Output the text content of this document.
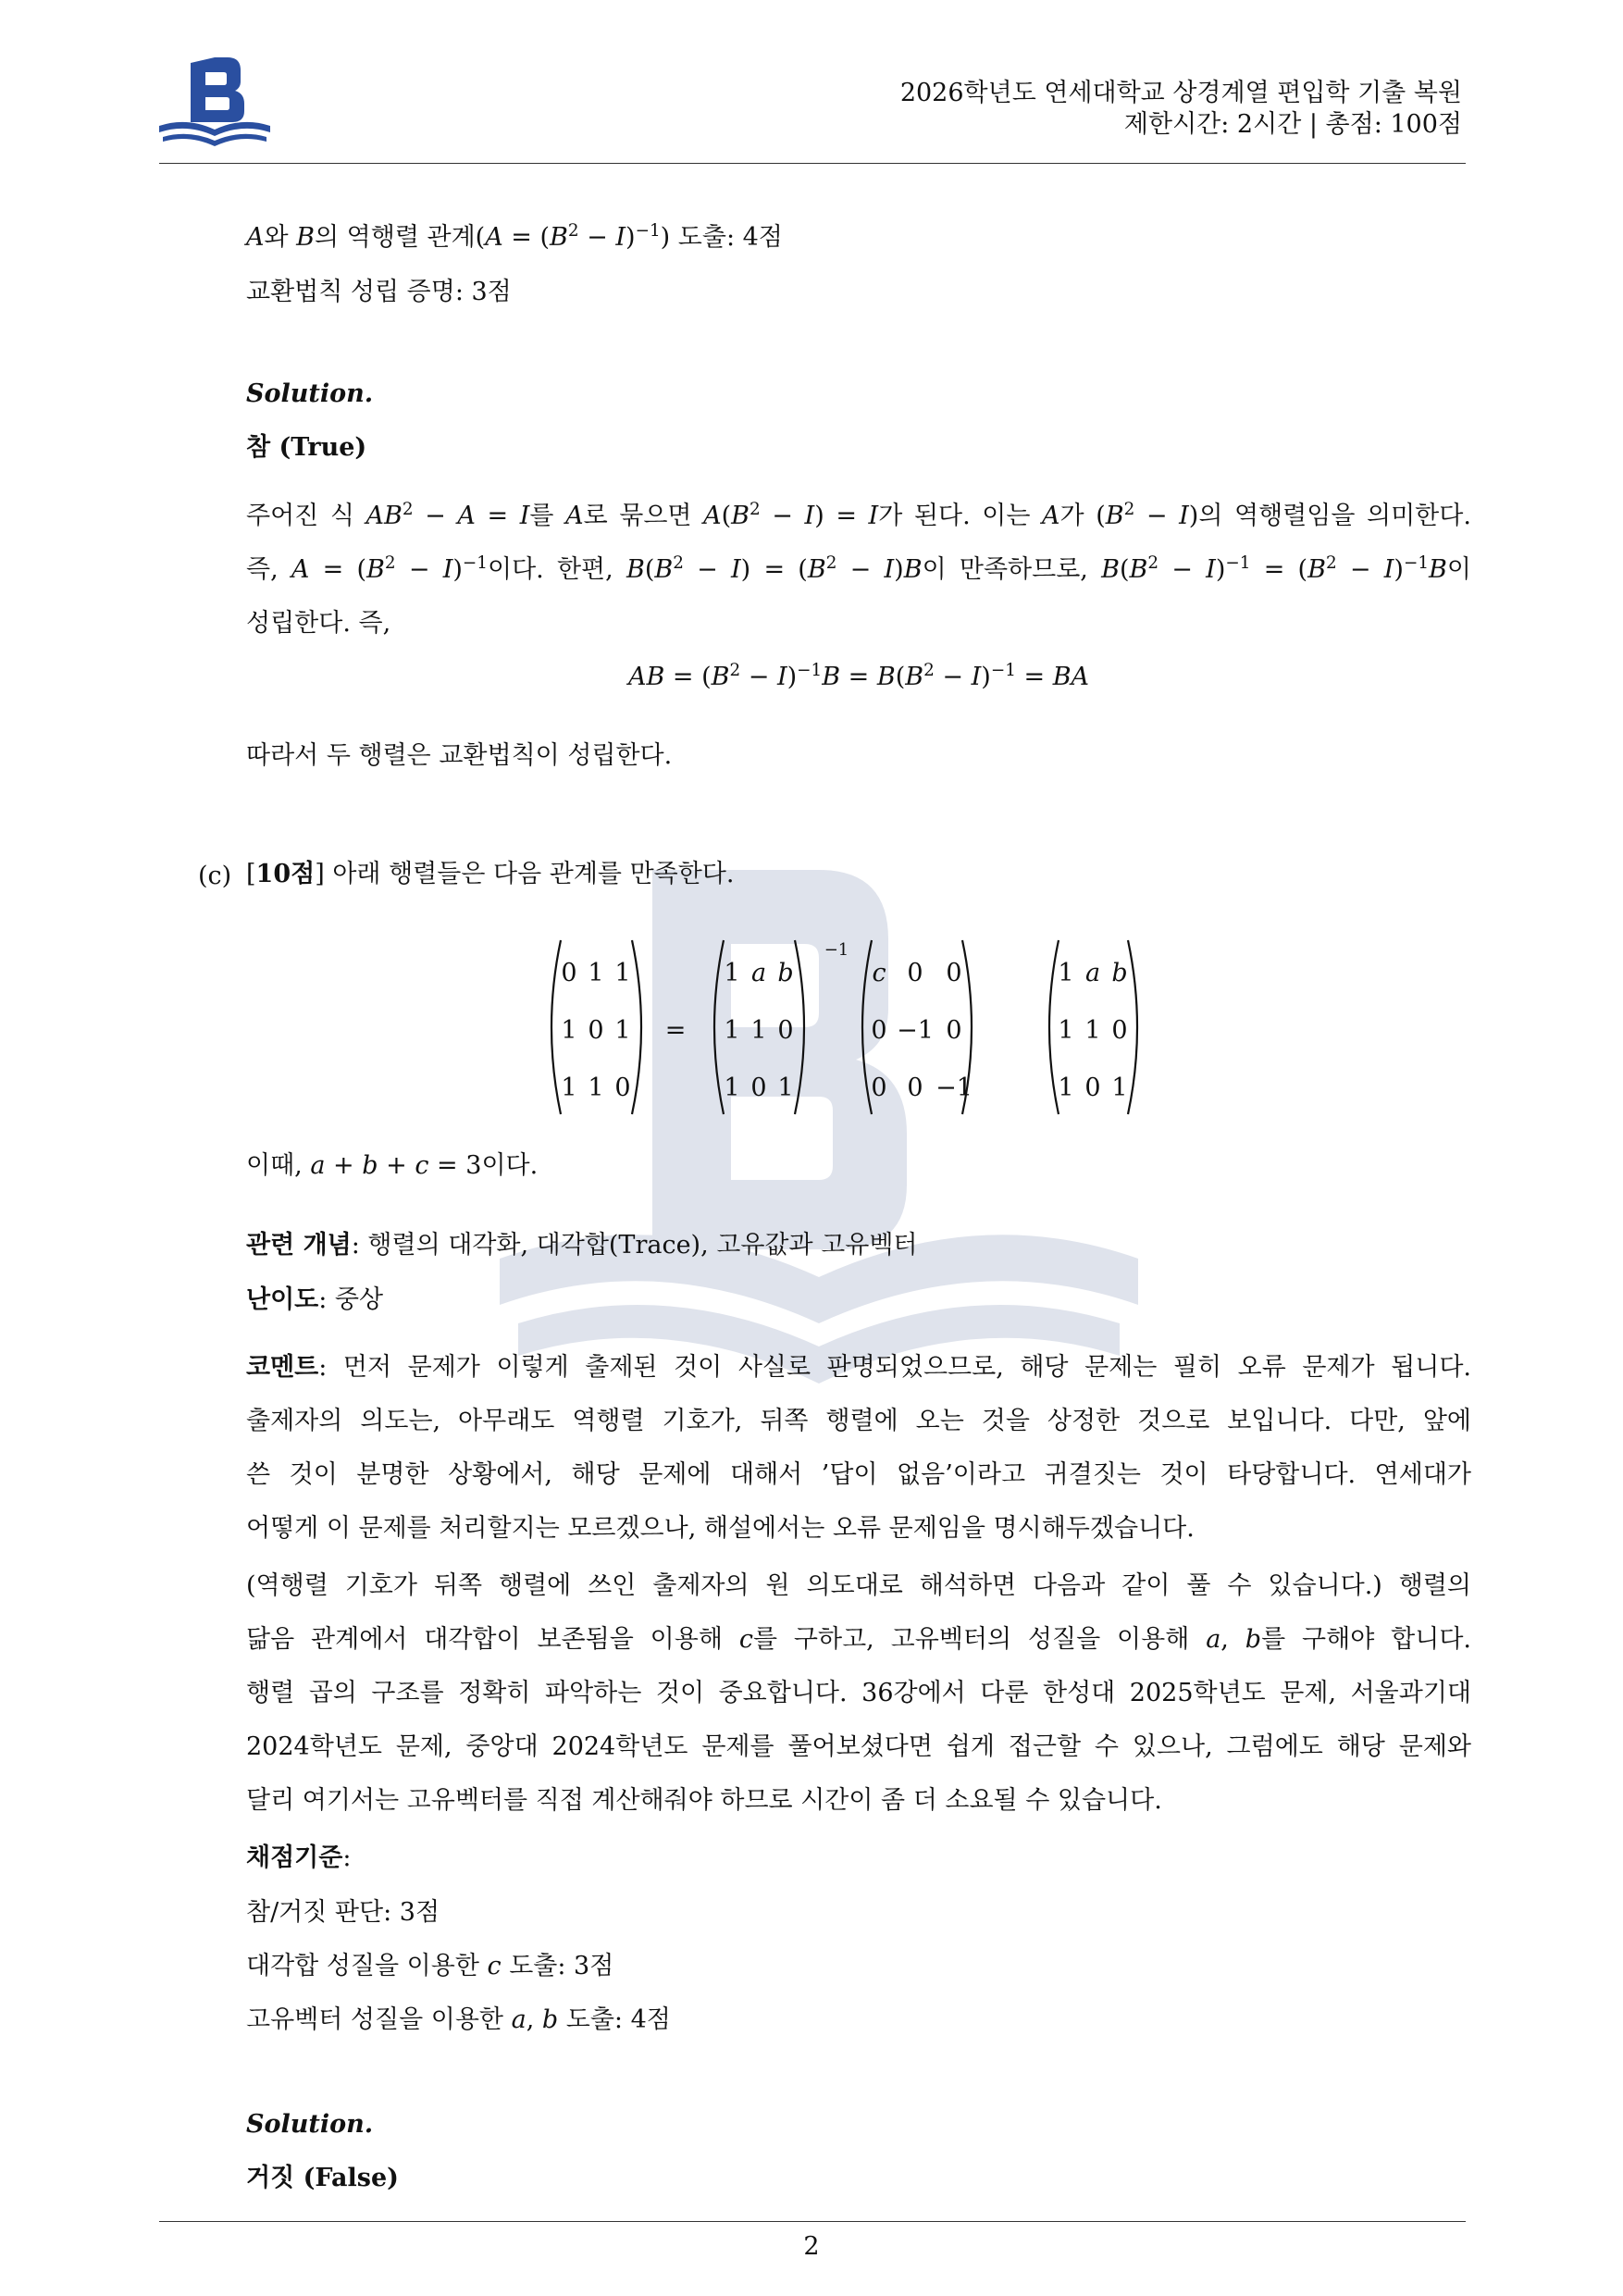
2026학년도 연세대학교 상경계열 편입학 기출 복원
제한시간: 2시간 | 총점: 100점
A와 B의 역행렬 관계$(A = (B^2 - I)^{-1})$ 도출: 4점
교환법칙 성립 증명: 3점
Solution.
참 (True)
주어진 식 $AB^2 - A = I$를 A로 묶으면 $A(B^2 - I) = I$가 된다. 이는 A가 $(B^2 - I)$의 역행렬임을 의미한다.
즉, $A = (B^2 - I)^{-1}$이다. 한편, $B(B^2 - I) = (B^2 - I)B$이 만족하므로, $B(B^2 - I)^{-1} = (B^2 - I)^{-1}B$이
성립한다. 즉,
AB = $(B^2 - I)^{-1}B = B(B^2 - I)^{-1}$ = BA
따라서 두 행렬은 교환법칙이 성립한다.
(c) [10점] 아래 행렬들은 다음 관계를 만족한다.
0 1 1
1 0 1
1 1 0
1 a b
1 1 0
1 0 1
c 0 0
0 −1 0
0 0 −1
1 a b
1 1 0
1 0 1
=
−1
이때, a + b + c = 3이다.
관련 개념: 행렬의 대각화, 대각합(Trace), 고유값과 고유벡터
난이도: 중상
코멘트: 먼저 문제가 이렇게 출제된 것이 사실로 판명되었으므로, 해당 문제는 필히 오류 문제가 됩니다.
출제자의 의도는, 아무래도 역행렬 기호가, 뒤쪽 행렬에 오는 것을 상정한 것으로 보입니다. 다만, 앞에
쓴 것이 분명한 상황에서, 해당 문제에 대해서 ’답이 없음’이라고 귀결짓는 것이 타당합니다. 연세대가
어떻게 이 문제를 처리할지는 모르겠으나, 해설에서는 오류 문제임을 명시해두겠습니다.
(역행렬 기호가 뒤쪽 행렬에 쓰인 출제자의 원 의도대로 해석하면 다음과 같이 풀 수 있습니다.) 행렬의
닮음 관계에서 대각합이 보존됨을 이용해 c를 구하고, 고유벡터의 성질을 이용해 a, b를 구해야 합니다.
행렬 곱의 구조를 정확히 파악하는 것이 중요합니다. 36강에서 다룬 한성대 2025학년도 문제, 서울과기대
2024학년도 문제, 중앙대 2024학년도 문제를 풀어보셨다면 쉽게 접근할 수 있으나, 그럼에도 해당 문제와
달리 여기서는 고유벡터를 직접 계산해줘야 하므로 시간이 좀 더 소요될 수 있습니다.
채점기준:
참/거짓 판단: 3점
대각합 성질을 이용한 c 도출: 3점
고유벡터 성질을 이용한 a, b 도출: 4점
Solution.
거짓 (False)
2
